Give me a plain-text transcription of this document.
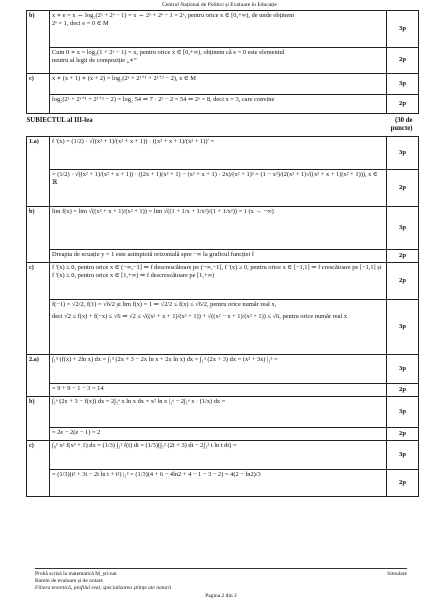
Centrul Național de Politici și Evaluare în Educație
b)	x ∗ e = x ⇔ log₂(2ˣ + 2ᵉ − 1) = x ⇔ 2ˣ + 2ᵉ − 1 = 2ˣ, pentru orice x ∈ [0,+∞), de unde obținem
2ᵉ = 1, deci e = 0 ∈ M	3p

	Cum 0 ∗ x = log₂(1 + 2ˣ − 1) = x, pentru orice x ∈ [0,+∞), obținem că e = 0 este elementul
neutru al legii de compoziție „∗”	2p
c)	x ∗ (x + 1) ∗ (x + 2) = log₂(2ˣ + 2ˣ⁺¹ + 2ˣ⁺² − 2), x ∈ M	3p

	log₂(2ˣ + 2ˣ⁺¹ + 2ˣ⁺² − 2) = log₂ 54 ⇒ 7 · 2ˣ − 2 = 54 ⇒ 2ˣ = 8, deci x = 3, care convine	2p
SUBIECTUL al III-lea		(30 de puncte)
1.a)	f ′(x) = (1/2) · √((x² + 1)/(x² + x + 1)) · ((x² + x + 1)/(x² + 1))′ =	3p

	= (1/2) · √((x² + 1)/(x² + x + 1)) · ((2x + 1)(x² + 1) − (x² + x + 1) · 2x)/(x² + 1)² = (1 − x²)/(2(x² + 1)√((x² + x + 1)(x² + 1))), x ∈ ℝ	2p
b)	lim f(x) = lim √((x² + x + 1)/(x² + 1)) = lim √((1 + 1/x + 1/x²)/(1 + 1/x²)) = 1 (x → −∞)	3p

	Dreapta de ecuație y = 1 este asimptotă orizontală spre −∞ la graficul funcției f	2p
c)	f ′(x) ≤ 0, pentru orice x ∈ (−∞,−1] ⇒ f descrescătoare pe (−∞,−1], f ′(x) ≥ 0, pentru orice x ∈ [−1,1] ⇒ f crescătoare pe [−1,1] și f ′(x) ≤ 0, pentru orice x ∈ [1,+∞) ⇒ f descrescătoare pe [1,+∞)	2p

	f(−1) = √2/2, f(1) = √6/2 și lim f(x) = 1 ⇒ √2/2 ≤ f(x) ≤ √6/2, pentru orice număr real x,
deci √2 ≤ f(x) + f(−x) ≤ √6 ⇒ √2 ≤ √((x² + x + 1)/(x² + 1)) + √((x² − x + 1)/(x² + 1)) ≤ √6, pentru orice număr real x	3p
2.a)	∫₁³ (f(x) + 2ln x) dx = ∫₁³ (2x + 3 − 2x ln x + 2x ln x) dx = ∫₁³ (2x + 3) dx = (x² + 3x) |₁³ =	3p

	= 9 + 9 − 1 − 3 = 14	2p
b)	∫₁ᵉ (2x + 3 − f(x)) dx = 2∫₁ᵉ x ln x dx = x² ln x |₁ᵉ − 2∫₁ᵉ x · (1/x) dx =	3p

	= 2e − 2(e − 1) = 2	2p
c)	∫₀¹ x² f(x³ + 1) dx = (1/3) ∫₁² f(t) dt = (1/3)(∫₁² (2t + 3) dt − 2∫₁² t ln t dt) =	3p

	= (1/3)(t² + 3t − 2t ln t + t²) |₁² = (1/3)(4 + 6 − 4ln2 + 4 − 1 − 3 − 2) = 4(2 − ln2)/3	2p
Probă scrisă la matematică M_ști-nat	Simulare
Barem de evaluare și de notare
Filiera teoretică, profilul real, specializarea științe ale naturii
Pagina 2 din 2
